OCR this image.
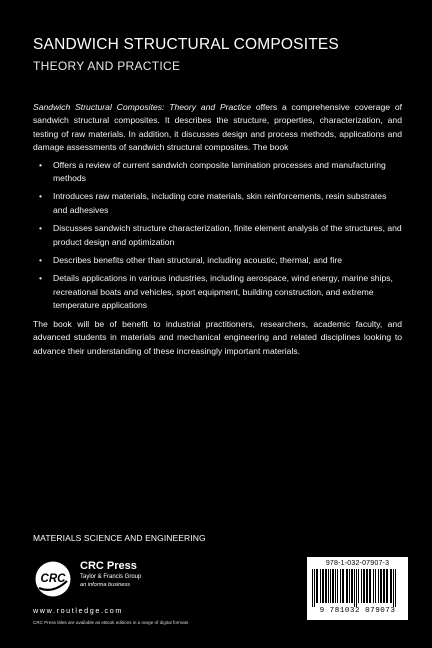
SANDWICH STRUCTURAL COMPOSITES
THEORY AND PRACTICE

Sandwich Structural Composites: Theory and Practice offers a comprehensive coverage of sandwich structural composites. It describes the structure, properties, characterization, and testing of raw materials. In addition, it discusses design and process methods, applications and damage assessments of sandwich structural composites. The book

• Offers a review of current sandwich composite lamination processes and manufacturing methods
• Introduces raw materials, including core materials, skin reinforcements, resin substrates and adhesives
• Discusses sandwich structure characterization, finite element analysis of the structures, and product design and optimization
• Describes benefits other than structural, including acoustic, thermal, and fire
• Details applications in various industries, including aerospace, wind energy, marine ships, recreational boats and vehicles, sport equipment, building construction, and extreme temperature applications

The book will be of benefit to industrial practitioners, researchers, academic faculty, and advanced students in materials and mechanical engineering and related disciplines looking to advance their understanding of these increasingly important materials.

MATERIALS SCIENCE AND ENGINEERING
CRC
CRC Press
Taylor & Francis Group
an informa business
www.routledge.com
CRC Press titles are available as eBook editions in a range of digital formats
978-1-032-07907-3
9 781032 079073
